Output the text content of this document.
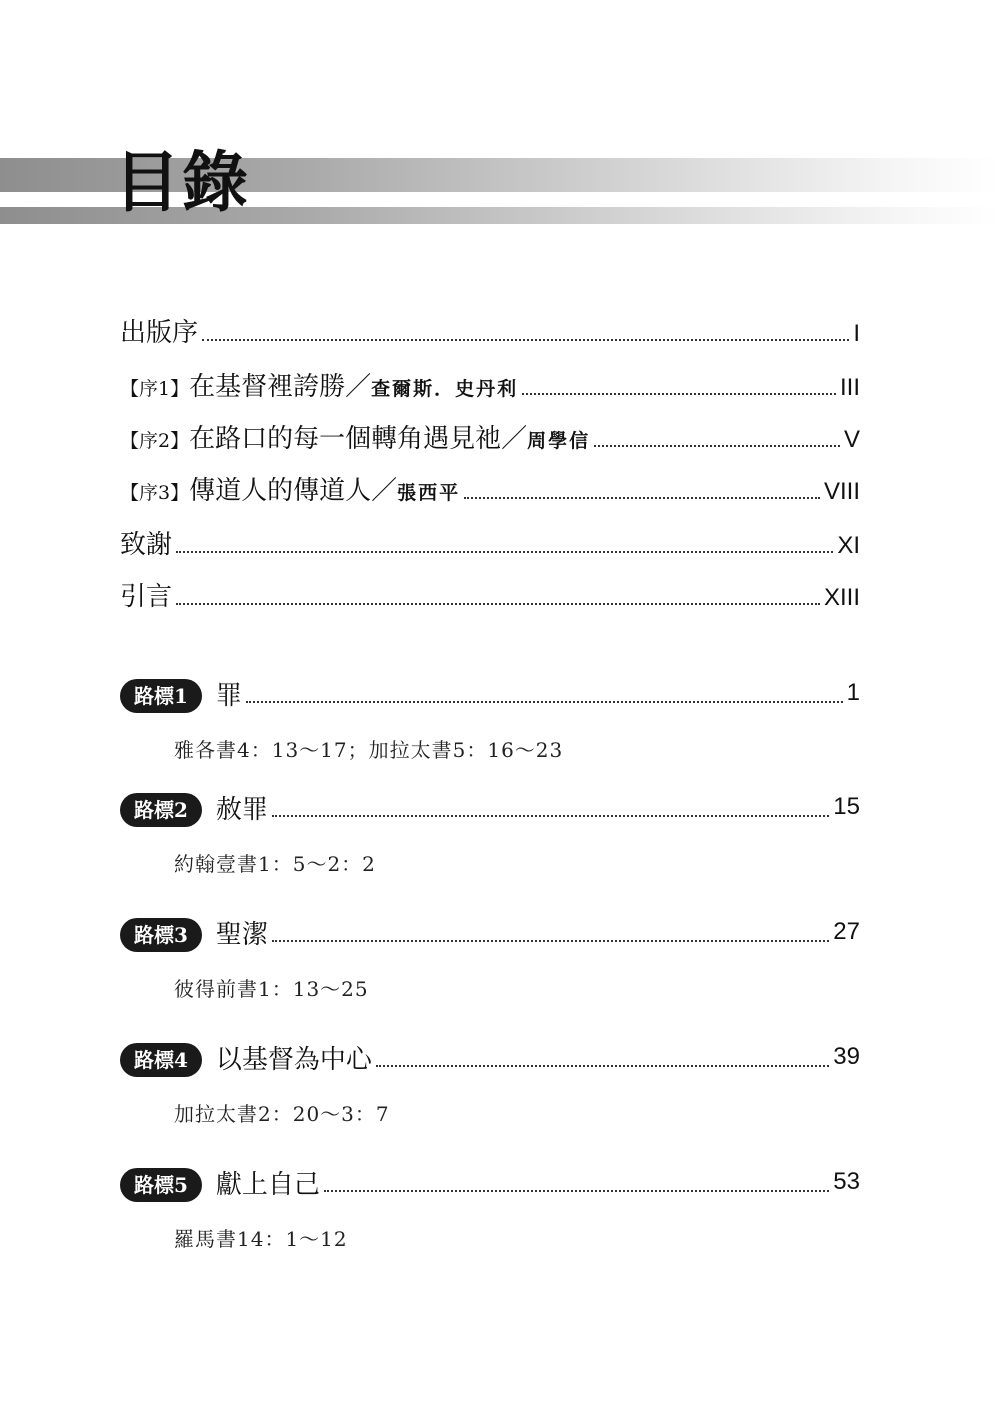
目錄
出版序	I
【序1】在基督裡誇勝／查爾斯．史丹利	III
【序2】在路口的每一個轉角遇見祂／周學信	V
【序3】傳道人的傳道人／張西平	VIII
致謝	XI
引言	XIII
路標1	罪	1
雅各書4：13～17；加拉太書5：16～23
路標2	赦罪	15
約翰壹書1：5～2：2
路標3	聖潔	27
彼得前書1：13～25
路標4	以基督為中心	39
加拉太書2：20～3：7
路標5	獻上自己	53
羅馬書14：1～12
